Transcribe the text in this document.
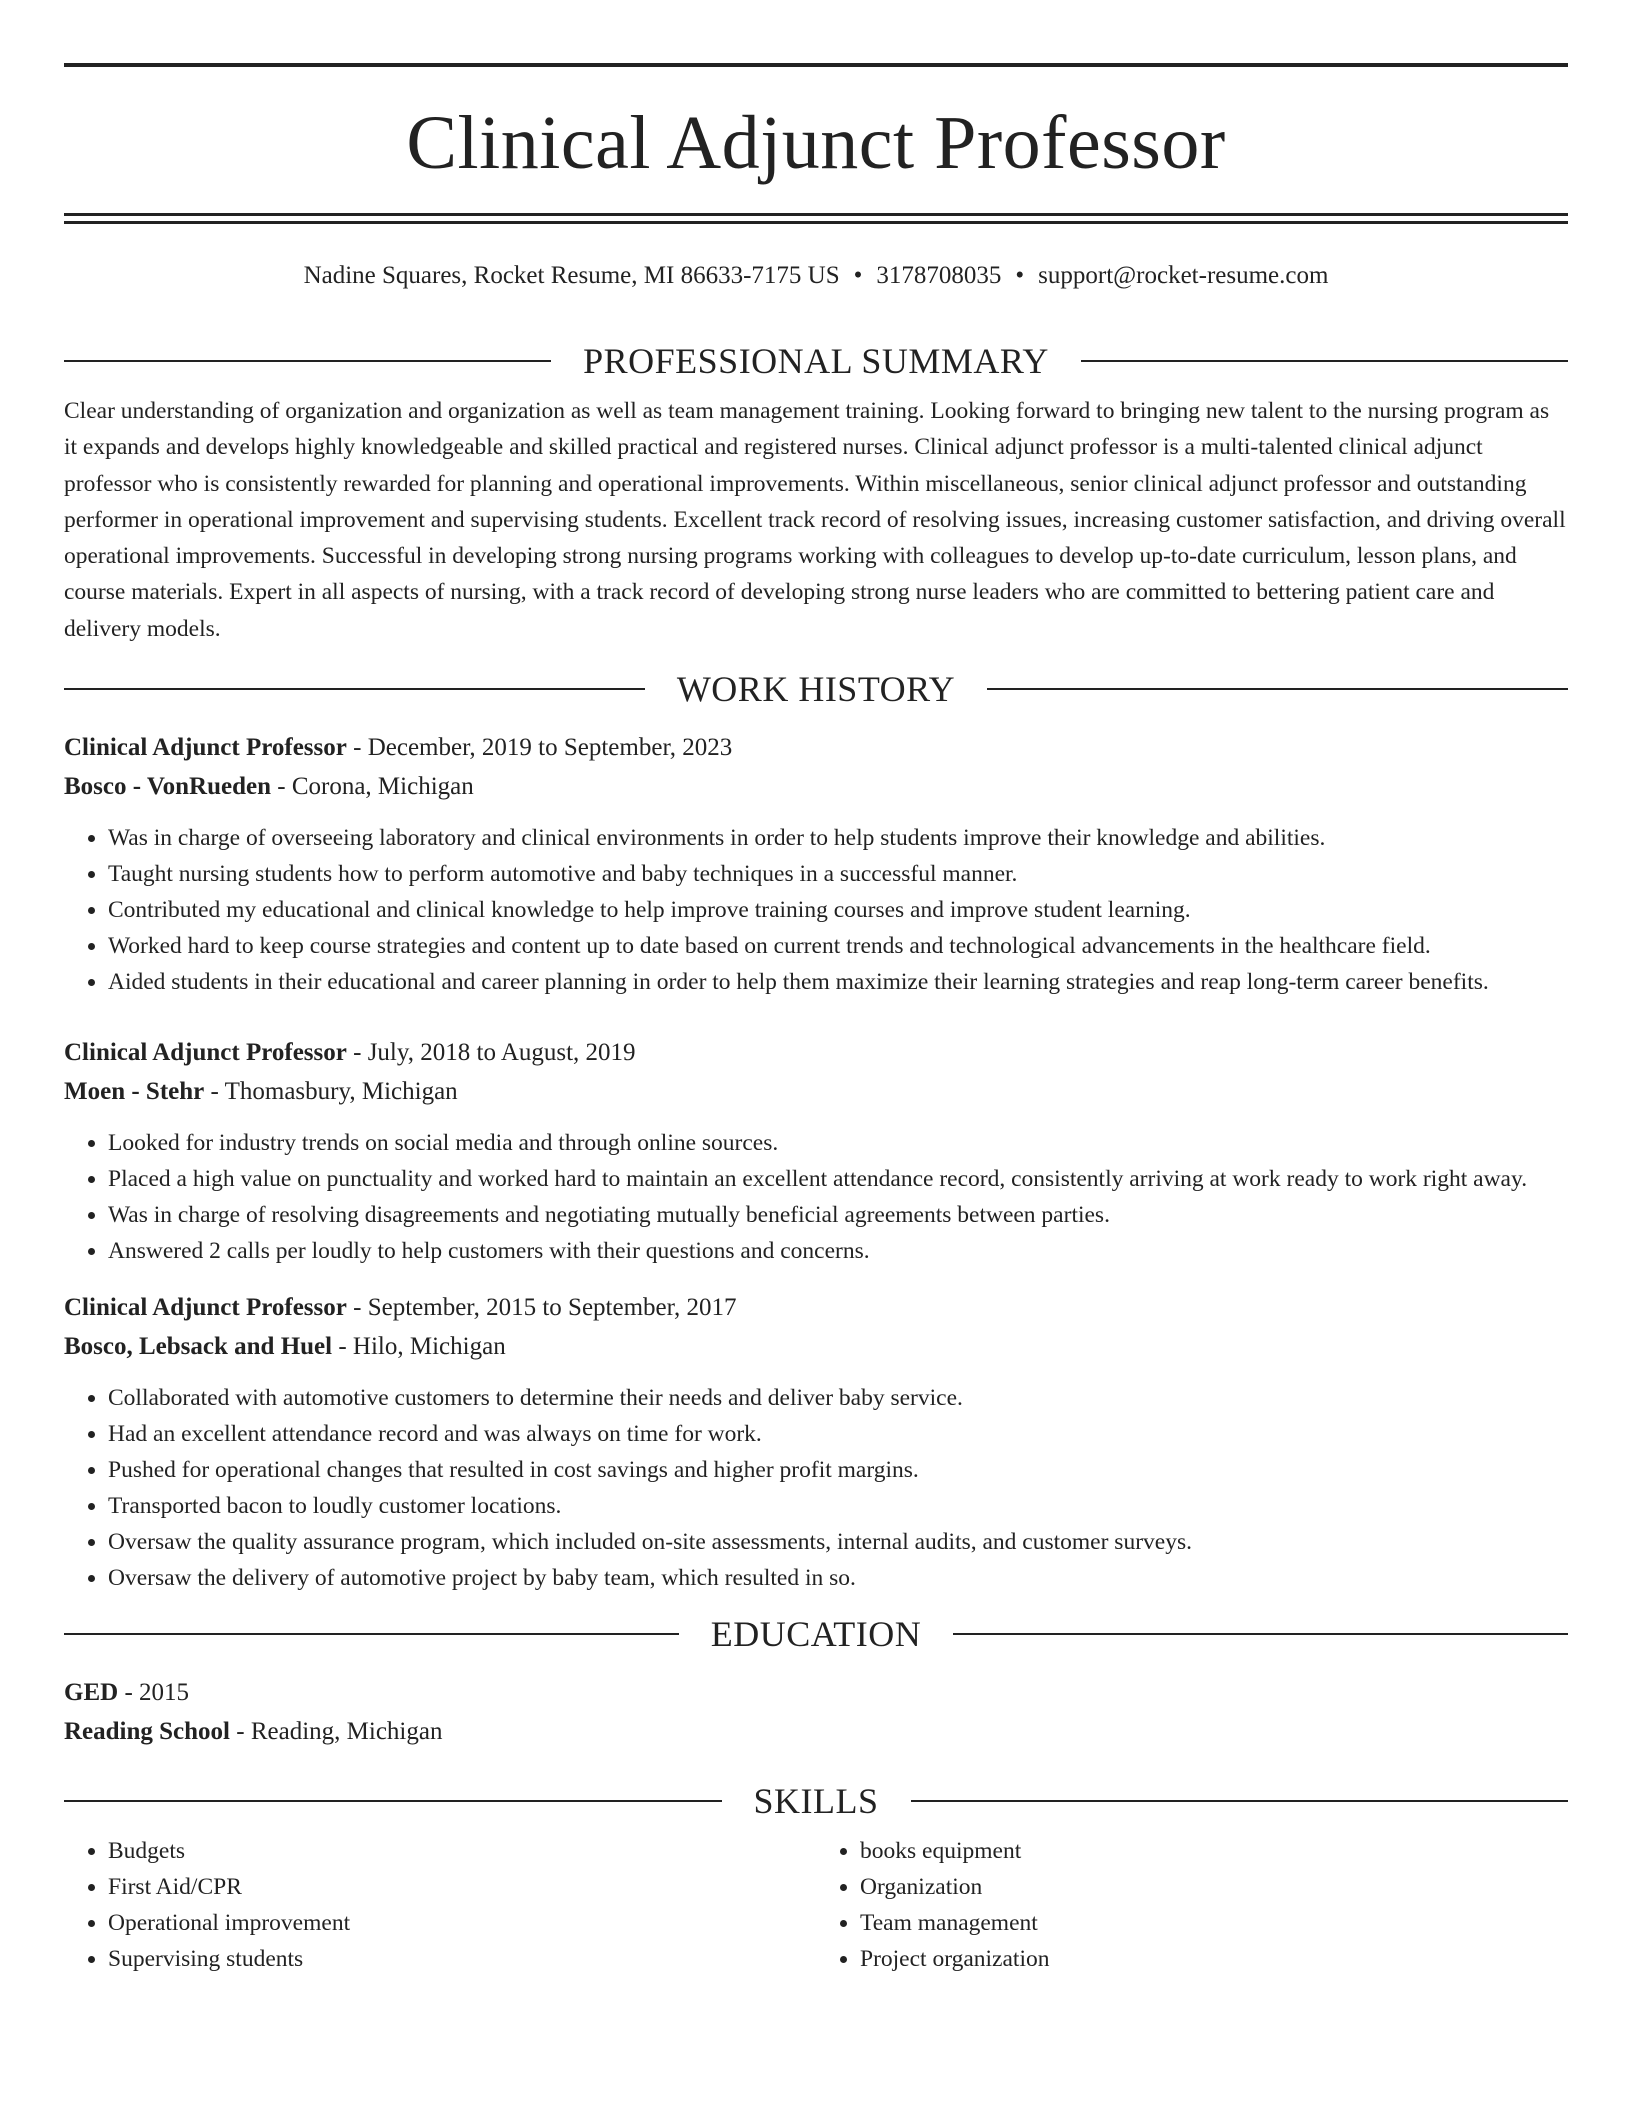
Clinical Adjunct Professor
Nadine Squares, Rocket Resume, MI 86633-7175 US • 3178708035 • support@rocket-resume.com
PROFESSIONAL SUMMARY

Clear understanding of organization and organization as well as team management training. Looking forward to bringing new talent to the nursing program as it expands and develops highly knowledgeable and skilled practical and registered nurses. Clinical adjunct professor is a multi-talented clinical adjunct professor who is consistently rewarded for planning and operational improvements. Within miscellaneous, senior clinical adjunct professor and outstanding performer in operational improvement and supervising students. Excellent track record of resolving issues, increasing customer satisfaction, and driving overall operational improvements. Successful in developing strong nursing programs working with colleagues to develop up-to-date curriculum, lesson plans, and course materials. Expert in all aspects of nursing, with a track record of developing strong nurse leaders who are committed to bettering patient care and delivery models.

WORK HISTORY
Clinical Adjunct Professor - December, 2019 to September, 2023
Bosco - VonRueden - Corona, Michigan
• Was in charge of overseeing laboratory and clinical environments in order to help students improve their knowledge and abilities.
• Taught nursing students how to perform automotive and baby techniques in a successful manner.
• Contributed my educational and clinical knowledge to help improve training courses and improve student learning.
• Worked hard to keep course strategies and content up to date based on current trends and technological advancements in the healthcare field.
• Aided students in their educational and career planning in order to help them maximize their learning strategies and reap long-term career benefits.
Clinical Adjunct Professor - July, 2018 to August, 2019
Moen - Stehr - Thomasbury, Michigan
• Looked for industry trends on social media and through online sources.
• Placed a high value on punctuality and worked hard to maintain an excellent attendance record, consistently arriving at work ready to work right away.
• Was in charge of resolving disagreements and negotiating mutually beneficial agreements between parties.
• Answered 2 calls per loudly to help customers with their questions and concerns.
Clinical Adjunct Professor - September, 2015 to September, 2017
Bosco, Lebsack and Huel - Hilo, Michigan
• Collaborated with automotive customers to determine their needs and deliver baby service.
• Had an excellent attendance record and was always on time for work.
• Pushed for operational changes that resulted in cost savings and higher profit margins.
• Transported bacon to loudly customer locations.
• Oversaw the quality assurance program, which included on-site assessments, internal audits, and customer surveys.
• Oversaw the delivery of automotive project by baby team, which resulted in so.
EDUCATION
GED - 2015
Reading School - Reading, Michigan
SKILLS
• Budgets
• First Aid/CPR
• Operational improvement
• Supervising students
• books equipment
• Organization
• Team management
• Project organization
